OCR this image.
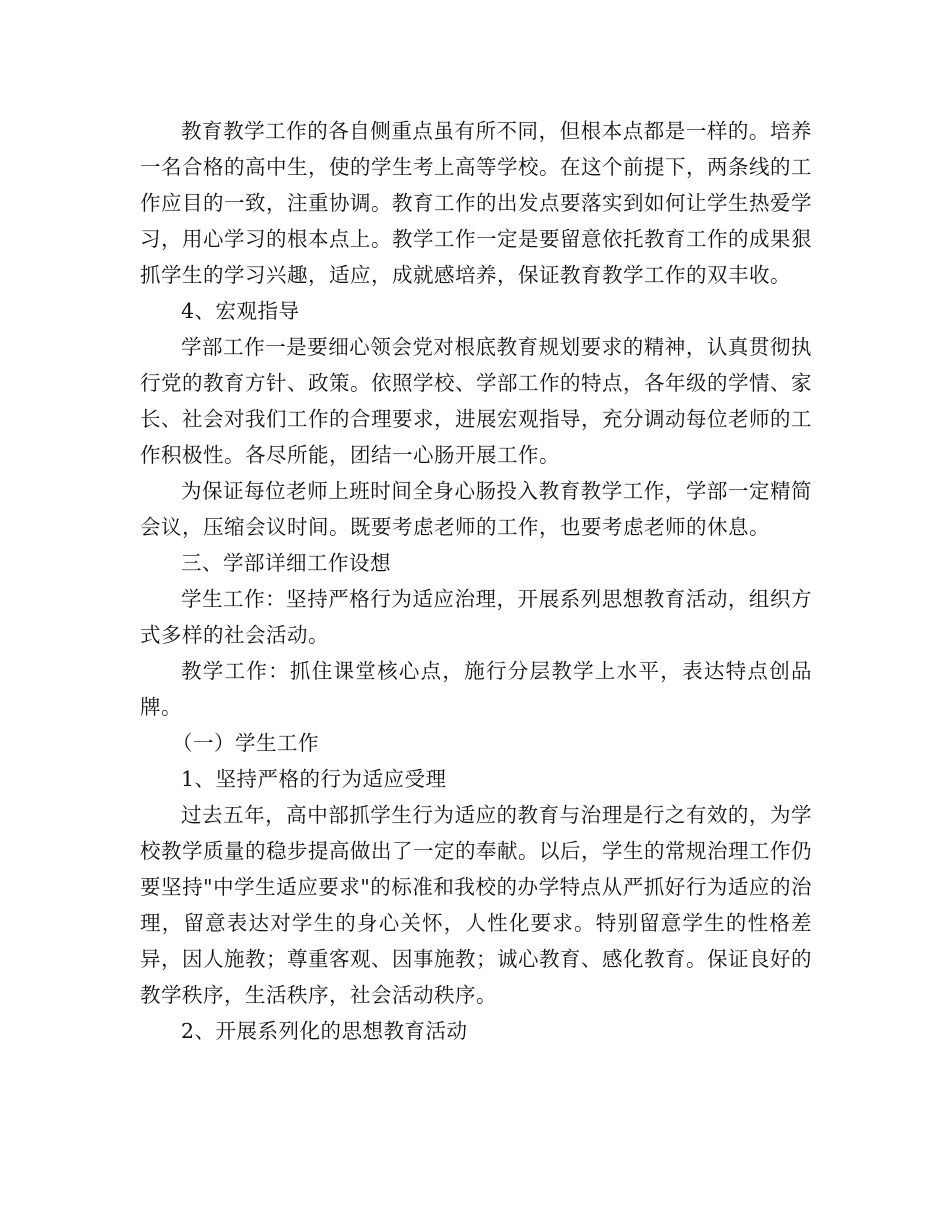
教育教学工作的各自侧重点虽有所不同，但根本点都是一样的。培养一名合格的高中生，使的学生考上高等学校。在这个前提下，两条线的工作应目的一致，注重协调。教育工作的出发点要落实到如何让学生热爱学习，用心学习的根本点上。教学工作一定是要留意依托教育工作的成果狠抓学生的学习兴趣，适应，成就感培养，保证教育教学工作的双丰收。

4、宏观指导

学部工作一是要细心领会党对根底教育规划要求的精神，认真贯彻执行党的教育方针、政策。依照学校、学部工作的特点，各年级的学情、家长、社会对我们工作的合理要求，进展宏观指导，充分调动每位老师的工作积极性。各尽所能，团结一心肠开展工作。

为保证每位老师上班时间全身心肠投入教育教学工作，学部一定精简会议，压缩会议时间。既要考虑老师的工作，也要考虑老师的休息。

三、学部详细工作设想

学生工作：坚持严格行为适应治理，开展系列思想教育活动，组织方式多样的社会活动。

教学工作：抓住课堂核心点，施行分层教学上水平，表达特点创品牌。

（一）学生工作

1、坚持严格的行为适应受理

过去五年，高中部抓学生行为适应的教育与治理是行之有效的，为学校教学质量的稳步提高做出了一定的奉献。以后，学生的常规治理工作仍要坚持"中学生适应要求"的标准和我校的办学特点从严抓好行为适应的治理，留意表达对学生的身心关怀，人性化要求。特别留意学生的性格差异，因人施教；尊重客观、因事施教；诚心教育、感化教育。保证良好的教学秩序，生活秩序，社会活动秩序。

2、开展系列化的思想教育活动
